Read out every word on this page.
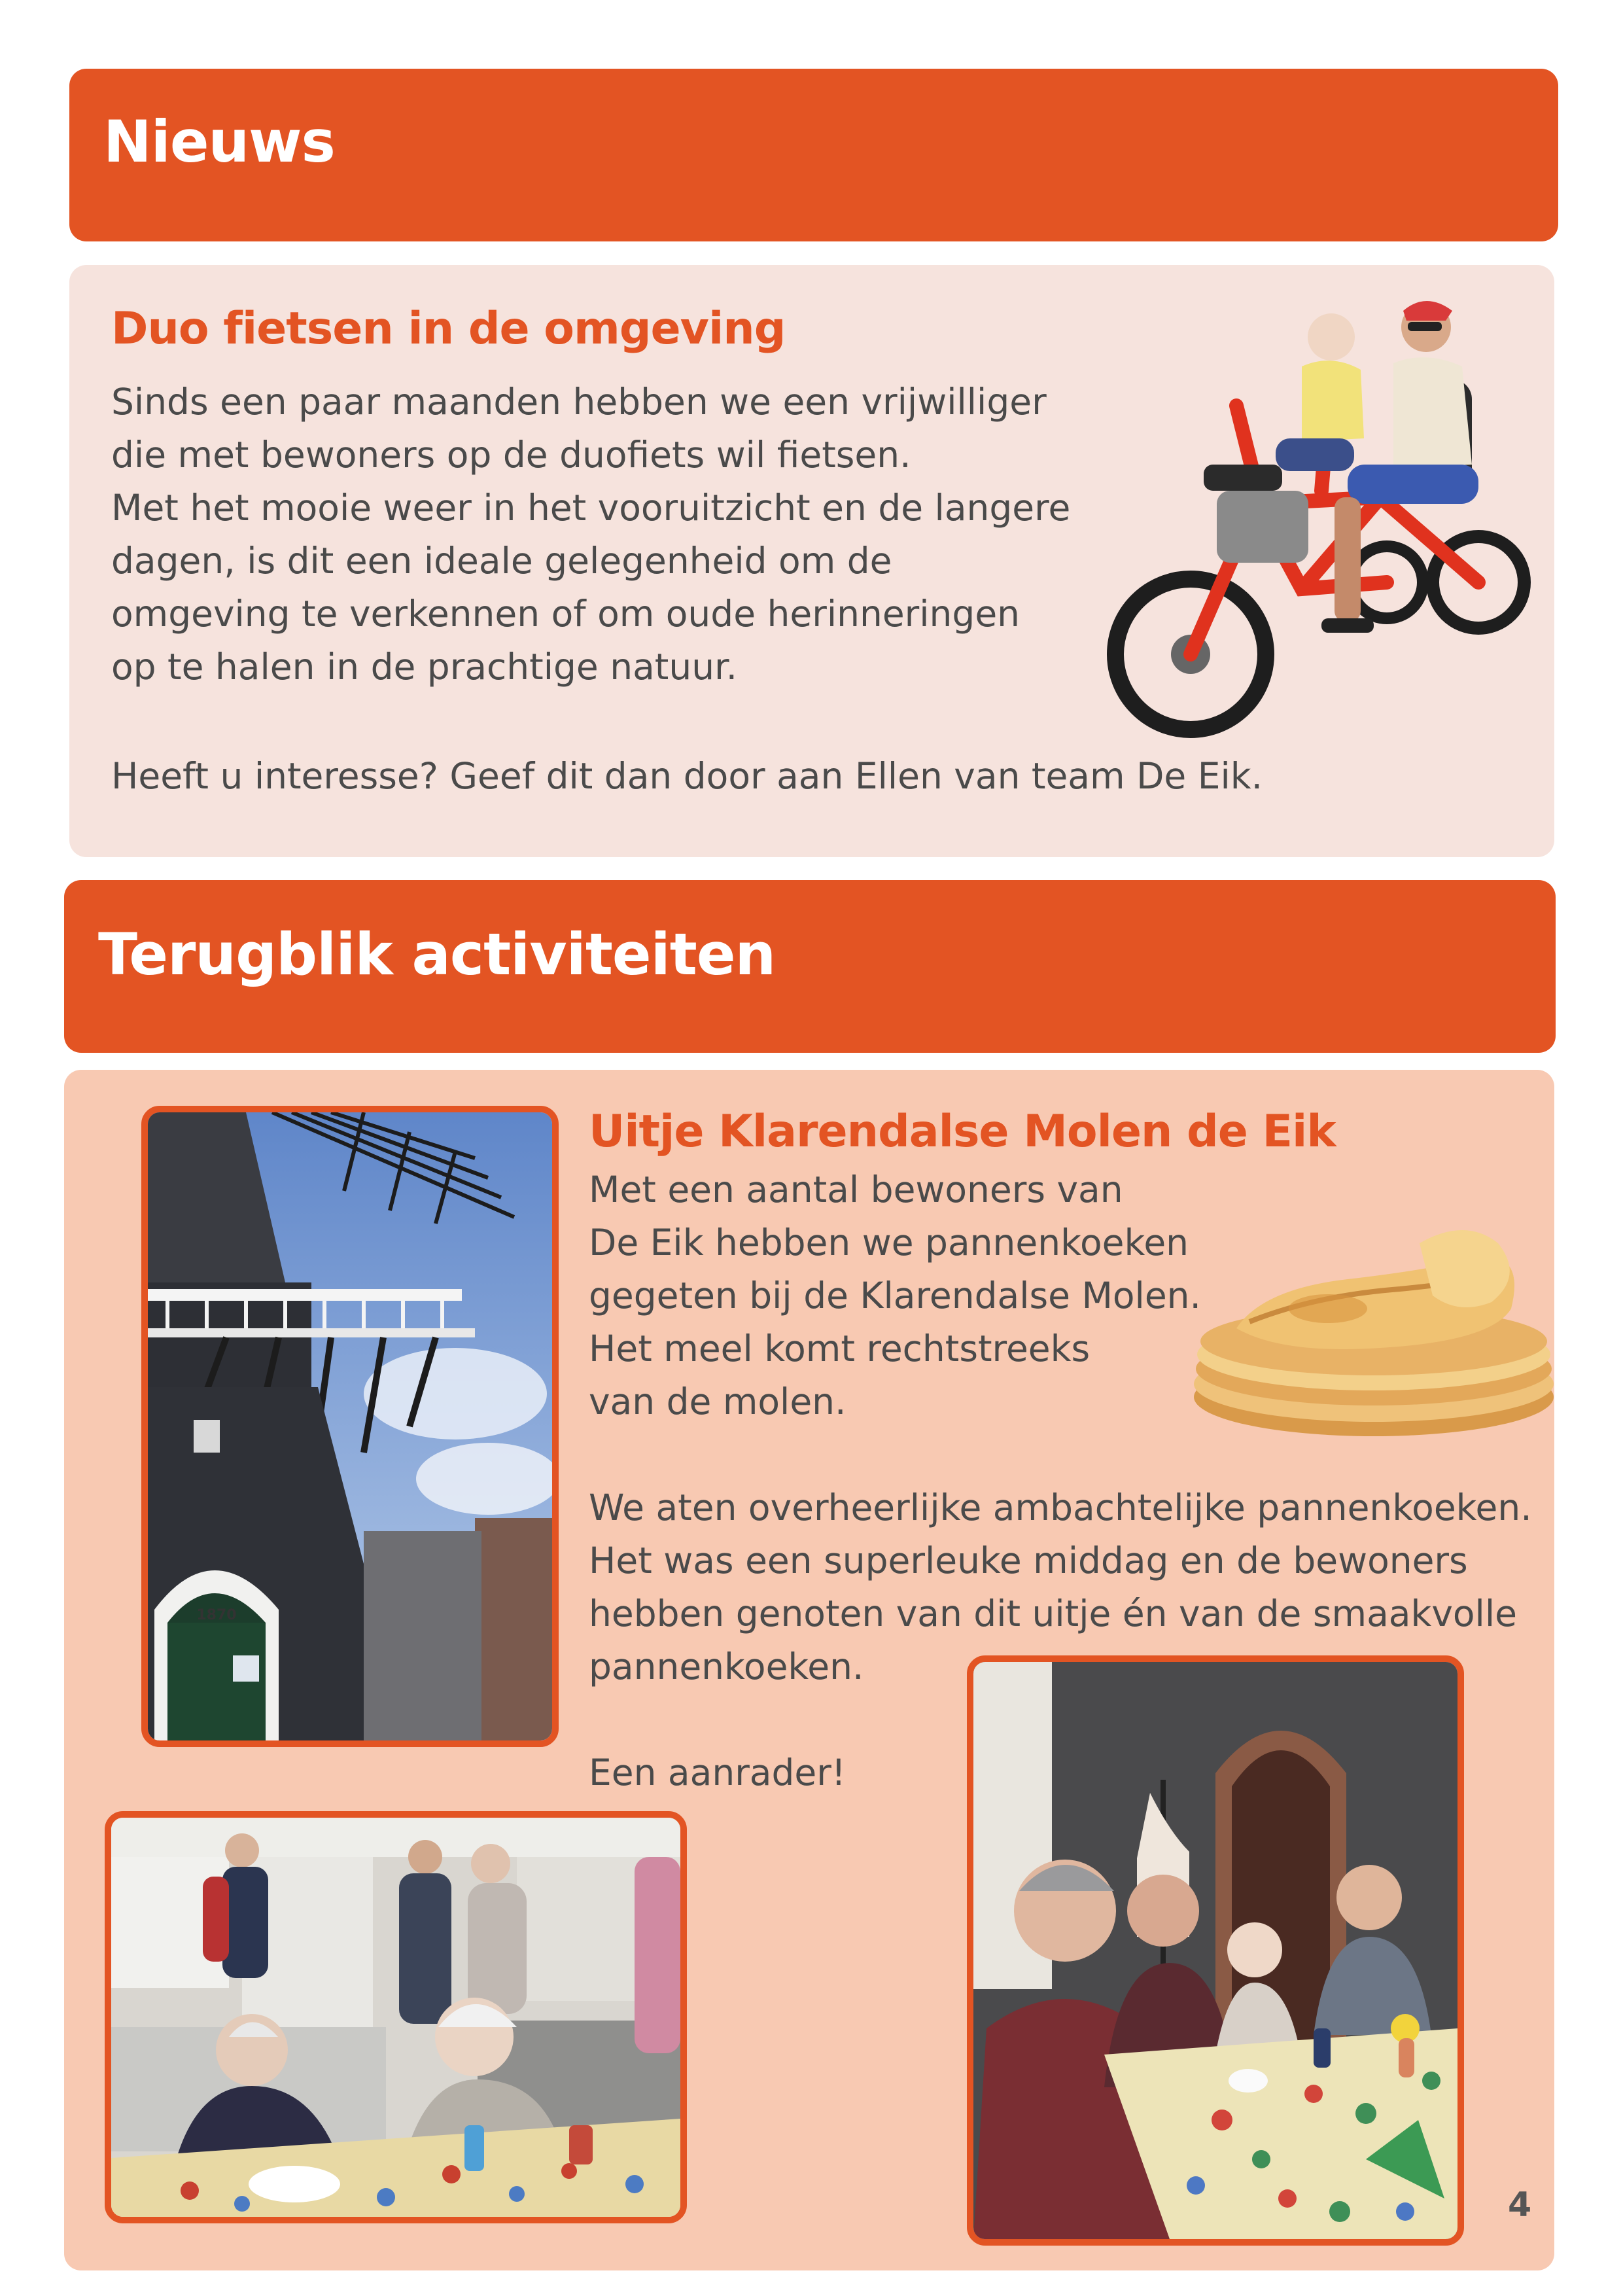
Nieuws
Duo fietsen in de omgeving

Sinds een paar maanden hebben we een vrijwilliger

die met bewoners op de duofiets wil fietsen.

Met het mooie weer in het vooruitzicht en de langere

dagen, is dit een ideale gelegenheid om de

omgeving te verkennen of om oude herinneringen

op te halen in de prachtige natuur.

Heeft u interesse? Geef dit dan door aan Ellen van team De Eik.
Terugblik activiteiten
1870
Uitje Klarendalse Molen de Eik

Met een aantal bewoners van

De Eik hebben we pannenkoeken

gegeten bij de Klarendalse Molen.

Het meel komt rechtstreeks

van de molen.

We aten overheerlijke ambachtelijke pannenkoeken.

Het was een superleuke middag en de bewoners

hebben genoten van dit uitje én van de smaakvolle

pannenkoeken.

Een aanrader!
4
